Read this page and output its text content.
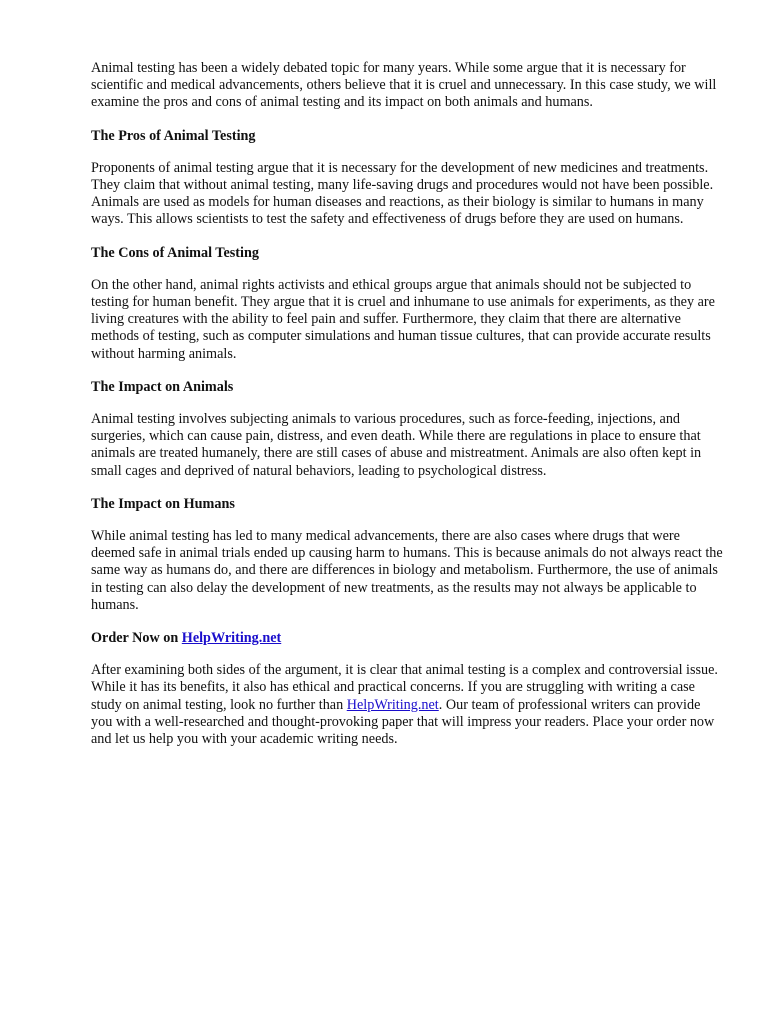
Animal testing has been a widely debated topic for many years. While some argue that it is necessary for scientific and medical advancements, others believe that it is cruel and unnecessary. In this case study, we will examine the pros and cons of animal testing and its impact on both animals and humans.

The Pros of Animal Testing

Proponents of animal testing argue that it is necessary for the development of new medicines and treatments. They claim that without animal testing, many life-saving drugs and procedures would not have been possible. Animals are used as models for human diseases and reactions, as their biology is similar to humans in many ways. This allows scientists to test the safety and effectiveness of drugs before they are used on humans.

The Cons of Animal Testing

On the other hand, animal rights activists and ethical groups argue that animals should not be subjected to testing for human benefit. They argue that it is cruel and inhumane to use animals for experiments, as they are living creatures with the ability to feel pain and suffer. Furthermore, they claim that there are alternative methods of testing, such as computer simulations and human tissue cultures, that can provide accurate results without harming animals.

The Impact on Animals

Animal testing involves subjecting animals to various procedures, such as force-feeding, injections, and surgeries, which can cause pain, distress, and even death. While there are regulations in place to ensure that animals are treated humanely, there are still cases of abuse and mistreatment. Animals are also often kept in small cages and deprived of natural behaviors, leading to psychological distress.

The Impact on Humans

While animal testing has led to many medical advancements, there are also cases where drugs that were deemed safe in animal trials ended up causing harm to humans. This is because animals do not always react the same way as humans do, and there are differences in biology and metabolism. Furthermore, the use of animals in testing can also delay the development of new treatments, as the results may not always be applicable to humans.

Order Now on HelpWriting.net

After examining both sides of the argument, it is clear that animal testing is a complex and controversial issue. While it has its benefits, it also has ethical and practical concerns. If you are struggling with writing a case study on animal testing, look no further than HelpWriting.net. Our team of professional writers can provide you with a well-researched and thought-provoking paper that will impress your readers. Place your order now and let us help you with your academic writing needs.
